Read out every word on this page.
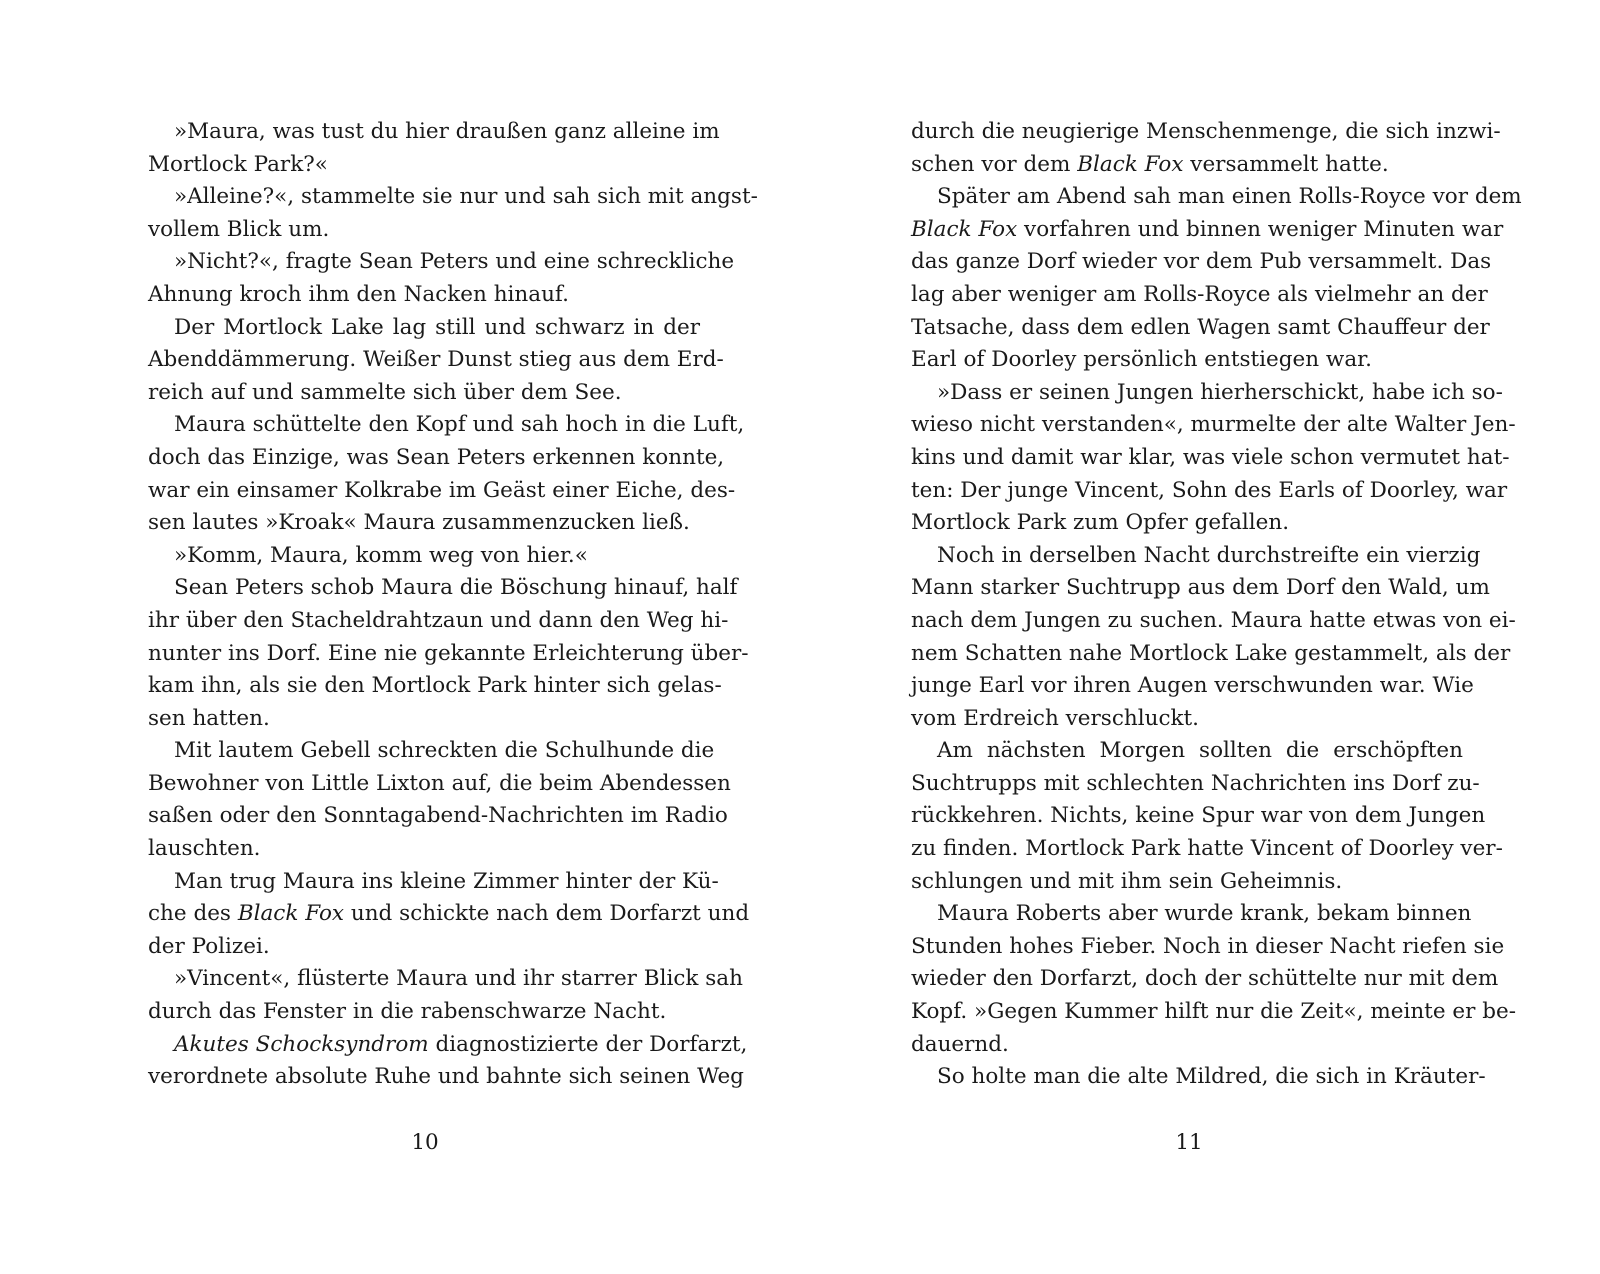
»Maura, was tust du hier draußen ganz alleine im
Mortlock Park?«
»Alleine?«, stammelte sie nur und sah sich mit angst-
vollem Blick um.
»Nicht?«, fragte Sean Peters und eine schreckliche
Ahnung kroch ihm den Nacken hinauf.
Der Mortlock Lake lag still und schwarz in der
Abenddämmerung. Weißer Dunst stieg aus dem Erd-
reich auf und sammelte sich über dem See.
Maura schüttelte den Kopf und sah hoch in die Luft,
doch das Einzige, was Sean Peters erkennen konnte,
war ein einsamer Kolkrabe im Geäst einer Eiche, des-
sen lautes »Kroak« Maura zusammenzucken ließ.
»Komm, Maura, komm weg von hier.«
Sean Peters schob Maura die Böschung hinauf, half
ihr über den Stacheldrahtzaun und dann den Weg hi-
nunter ins Dorf. Eine nie gekannte Erleichterung über-
kam ihn, als sie den Mortlock Park hinter sich gelas-
sen hatten.
Mit lautem Gebell schreckten die Schulhunde die
Bewohner von Little Lixton auf, die beim Abendessen
saßen oder den Sonntagabend-Nachrichten im Radio
lauschten.
Man trug Maura ins kleine Zimmer hinter der Kü-
che des Black Fox und schickte nach dem Dorfarzt und
der Polizei.
»Vincent«, flüsterte Maura und ihr starrer Blick sah
durch das Fenster in die rabenschwarze Nacht.
Akutes Schocksyndrom diagnostizierte der Dorfarzt,
verordnete absolute Ruhe und bahnte sich seinen Weg
durch die neugierige Menschenmenge, die sich inzwi-
schen vor dem Black Fox versammelt hatte.
Später am Abend sah man einen Rolls-Royce vor dem
Black Fox vorfahren und binnen weniger Minuten war
das ganze Dorf wieder vor dem Pub versammelt. Das
lag aber weniger am Rolls-Royce als vielmehr an der
Tatsache, dass dem edlen Wagen samt Chauffeur der
Earl of Doorley persönlich entstiegen war.
»Dass er seinen Jungen hierherschickt, habe ich so-
wieso nicht verstanden«, murmelte der alte Walter Jen-
kins und damit war klar, was viele schon vermutet hat-
ten: Der junge Vincent, Sohn des Earls of Doorley, war
Mortlock Park zum Opfer gefallen.
Noch in derselben Nacht durchstreifte ein vierzig
Mann starker Suchtrupp aus dem Dorf den Wald, um
nach dem Jungen zu suchen. Maura hatte etwas von ei-
nem Schatten nahe Mortlock Lake gestammelt, als der
junge Earl vor ihren Augen verschwunden war. Wie
vom Erdreich verschluckt.
Am nächsten Morgen sollten die erschöpften
Suchtrupps mit schlechten Nachrichten ins Dorf zu-
rückkehren. Nichts, keine Spur war von dem Jungen
zu finden. Mortlock Park hatte Vincent of Doorley ver-
schlungen und mit ihm sein Geheimnis.
Maura Roberts aber wurde krank, bekam binnen
Stunden hohes Fieber. Noch in dieser Nacht riefen sie
wieder den Dorfarzt, doch der schüttelte nur mit dem
Kopf. »Gegen Kummer hilft nur die Zeit«, meinte er be-
dauernd.
So holte man die alte Mildred, die sich in Kräuter-
10	11
